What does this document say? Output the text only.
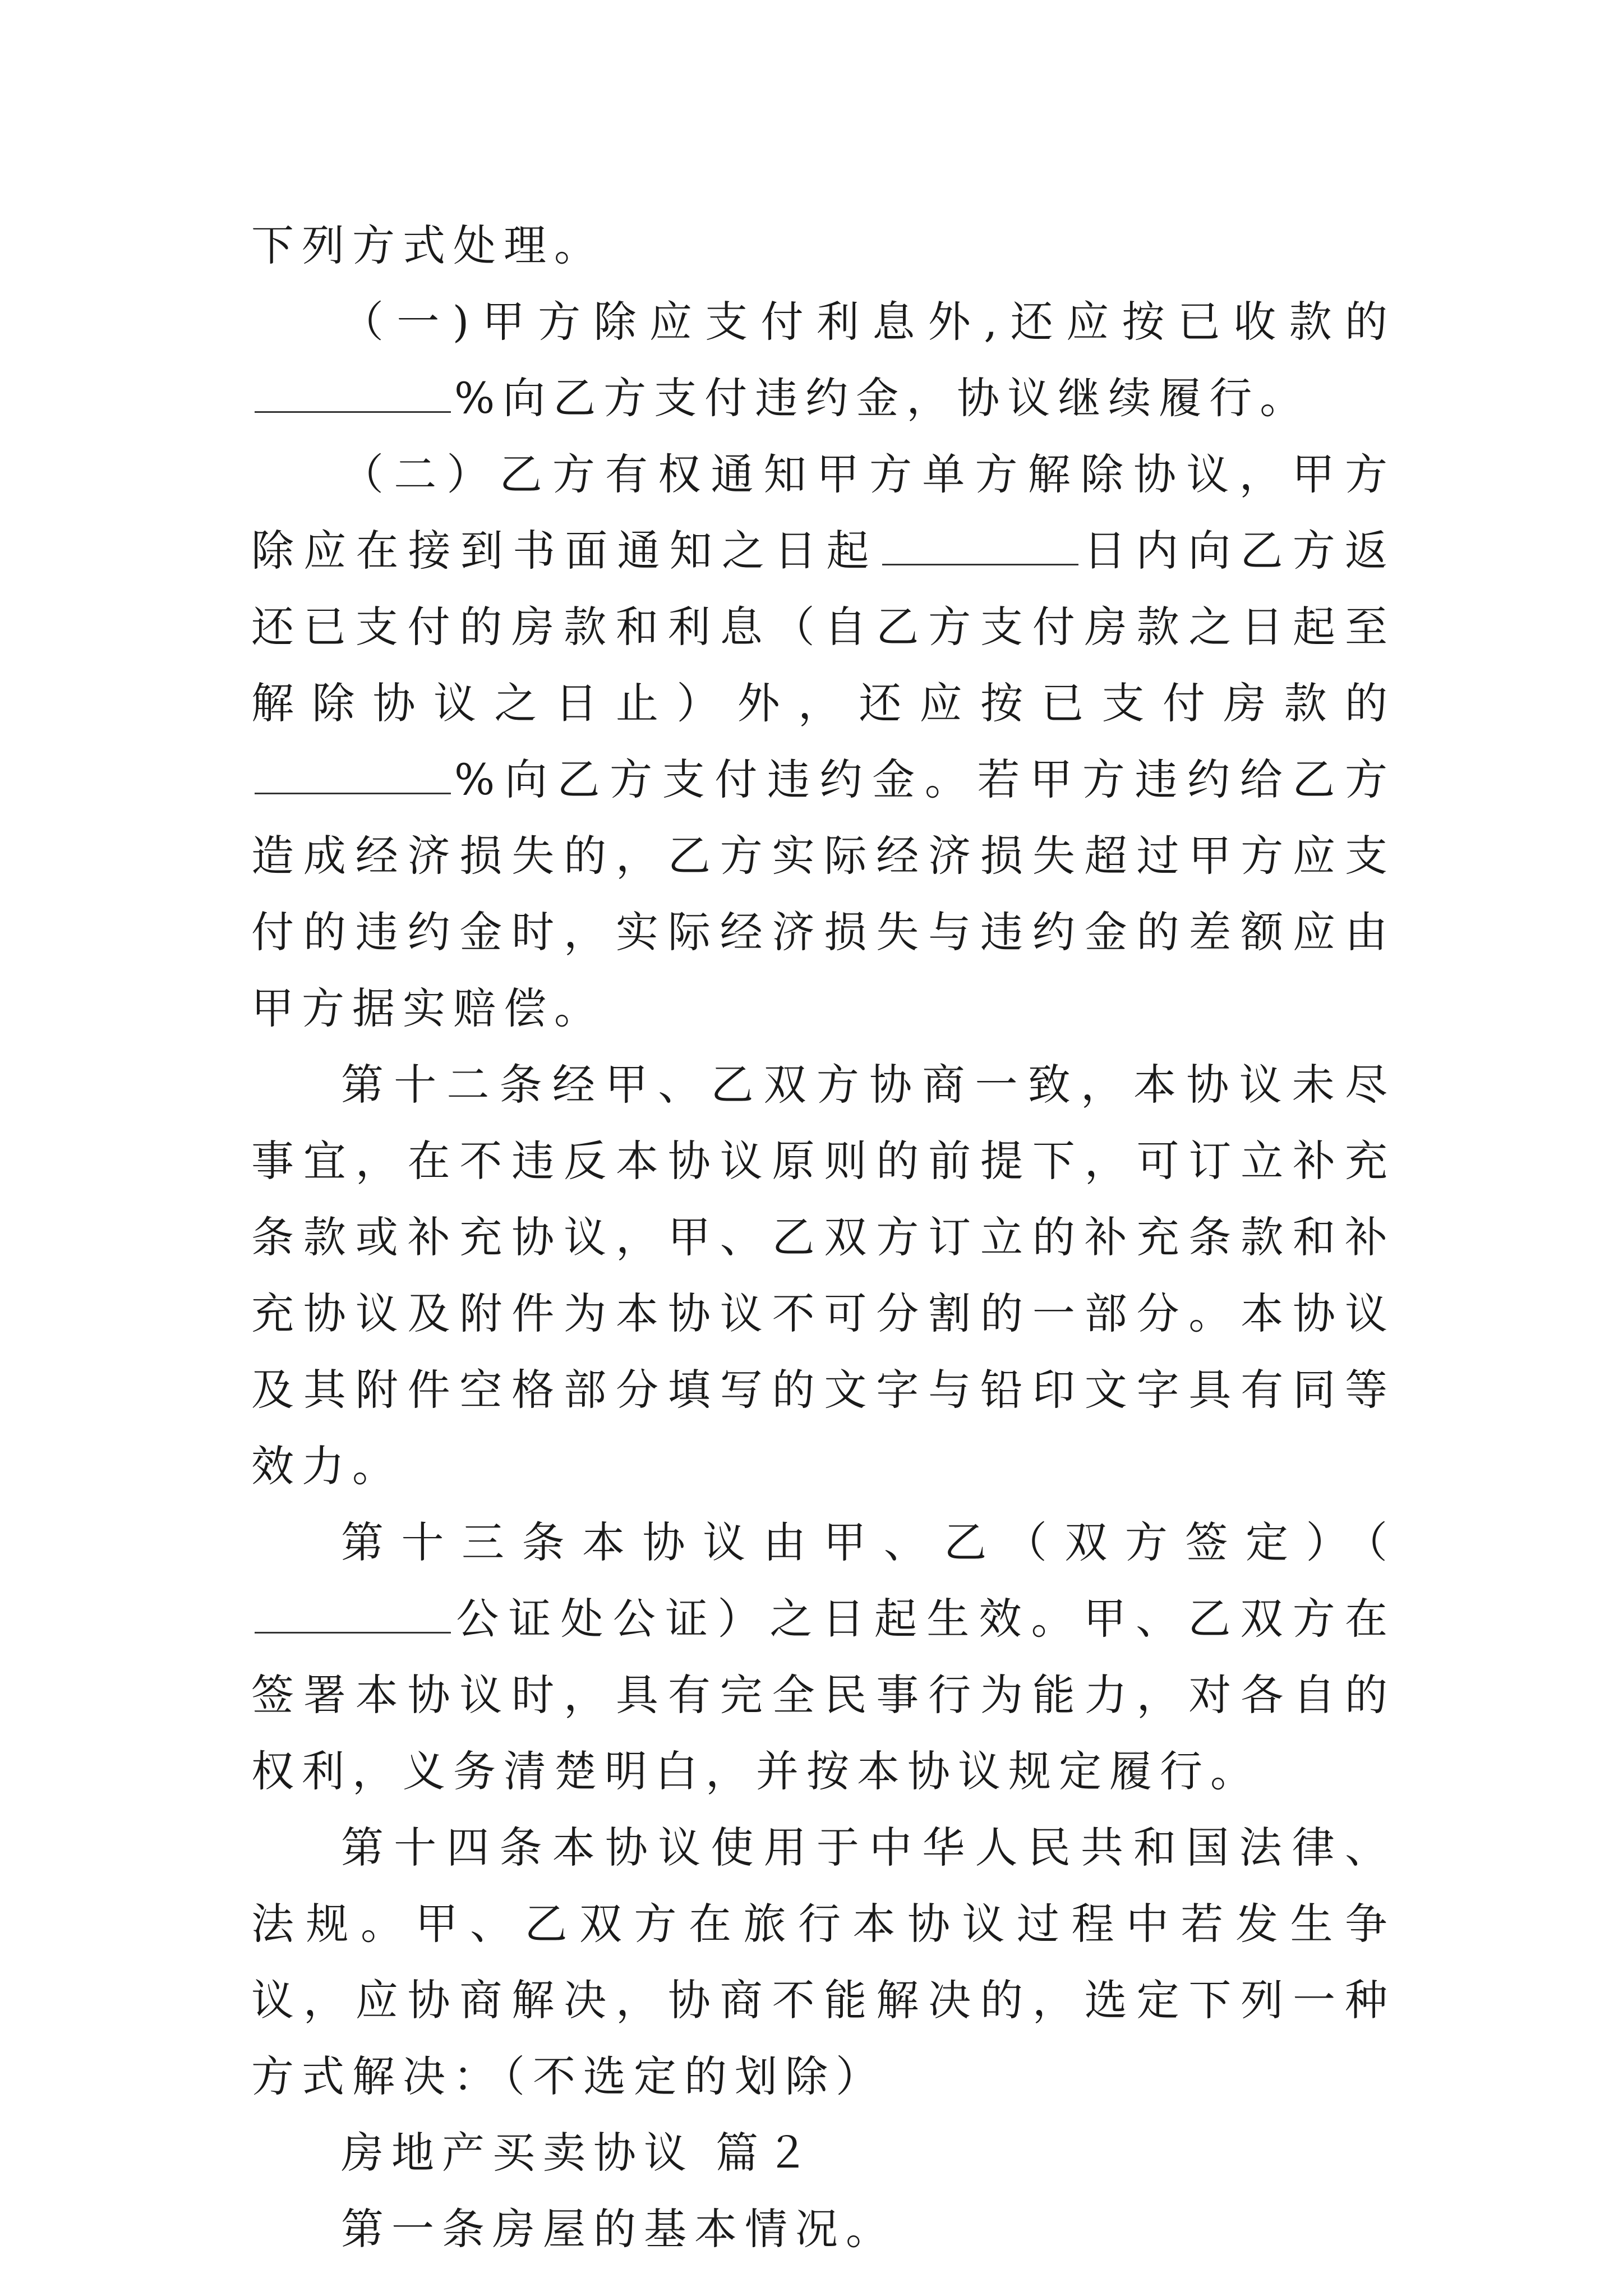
下列方式处理。

（一)甲方除应支付利息外,还应按已收款的%向乙方支付违约金，协议继续履行。

（二）乙方有权通知甲方单方解除协议，甲方除应在接到书面通知之日起	日内向乙方返还已支付的房款和利息（自乙方支付房款之日起至解除协议之日止）外，还应按已支付房款的%向乙方支付违约金。若甲方违约给乙方造成经济损失的，乙方实际经济损失超过甲方应支付的违约金时，实际经济损失与违约金的差额应由甲方据实赔偿。

第十二条经甲、乙双方协商一致，本协议未尽事宜，在不违反本协议原则的前提下，可订立补充条款或补充协议，甲、乙双方订立的补充条款和补充协议及附件为本协议不可分割的一部分。本协议及其附件空格部分填写的文字与铅印文字具有同等效力。

第十三条本协议由甲、乙（双方签定）（公证处公证）之日起生效。甲、乙双方在签署本协议时，具有完全民事行为能力，对各自的权利，义务清楚明白，并按本协议规定履行。

第十四条本协议使用于中华人民共和国法律、法规。甲、乙双方在旅行本协议过程中若发生争议，应协商解决，协商不能解决的，选定下列一种方式解决：（不选定的划除）

房地产买卖协议 篇２

第一条房屋的基本情况。
